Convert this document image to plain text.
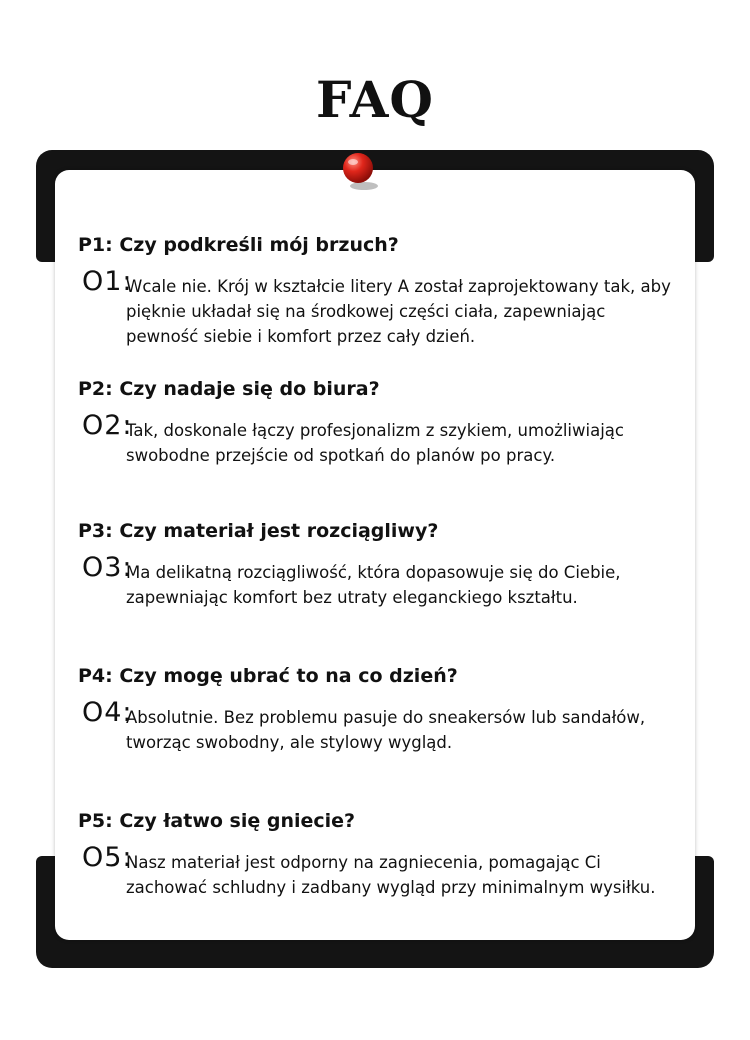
FAQ
P1: Czy podkreśli mój brzuch?
O1:
Wcale nie. Krój w kształcie litery A został zaprojektowany tak, aby pięknie układał się na środkowej części ciała, zapewniając pewność siebie i komfort przez cały dzień.
P2: Czy nadaje się do biura?
O2:
Tak, doskonale łączy profesjonalizm z szykiem, umożliwiając swobodne przejście od spotkań do planów po pracy.
P3: Czy materiał jest rozciągliwy?
O3:
Ma delikatną rozciągliwość, która dopasowuje się do Ciebie, zapewniając komfort bez utraty eleganckiego kształtu.
P4: Czy mogę ubrać to na co dzień?
O4:
Absolutnie. Bez problemu pasuje do sneakersów lub sandałów, tworząc swobodny, ale stylowy wygląd.
P5: Czy łatwo się gniecie?
O5:
Nasz materiał jest odporny na zagniecenia, pomagając Ci zachować schludny i zadbany wygląd przy minimalnym wysiłku.
